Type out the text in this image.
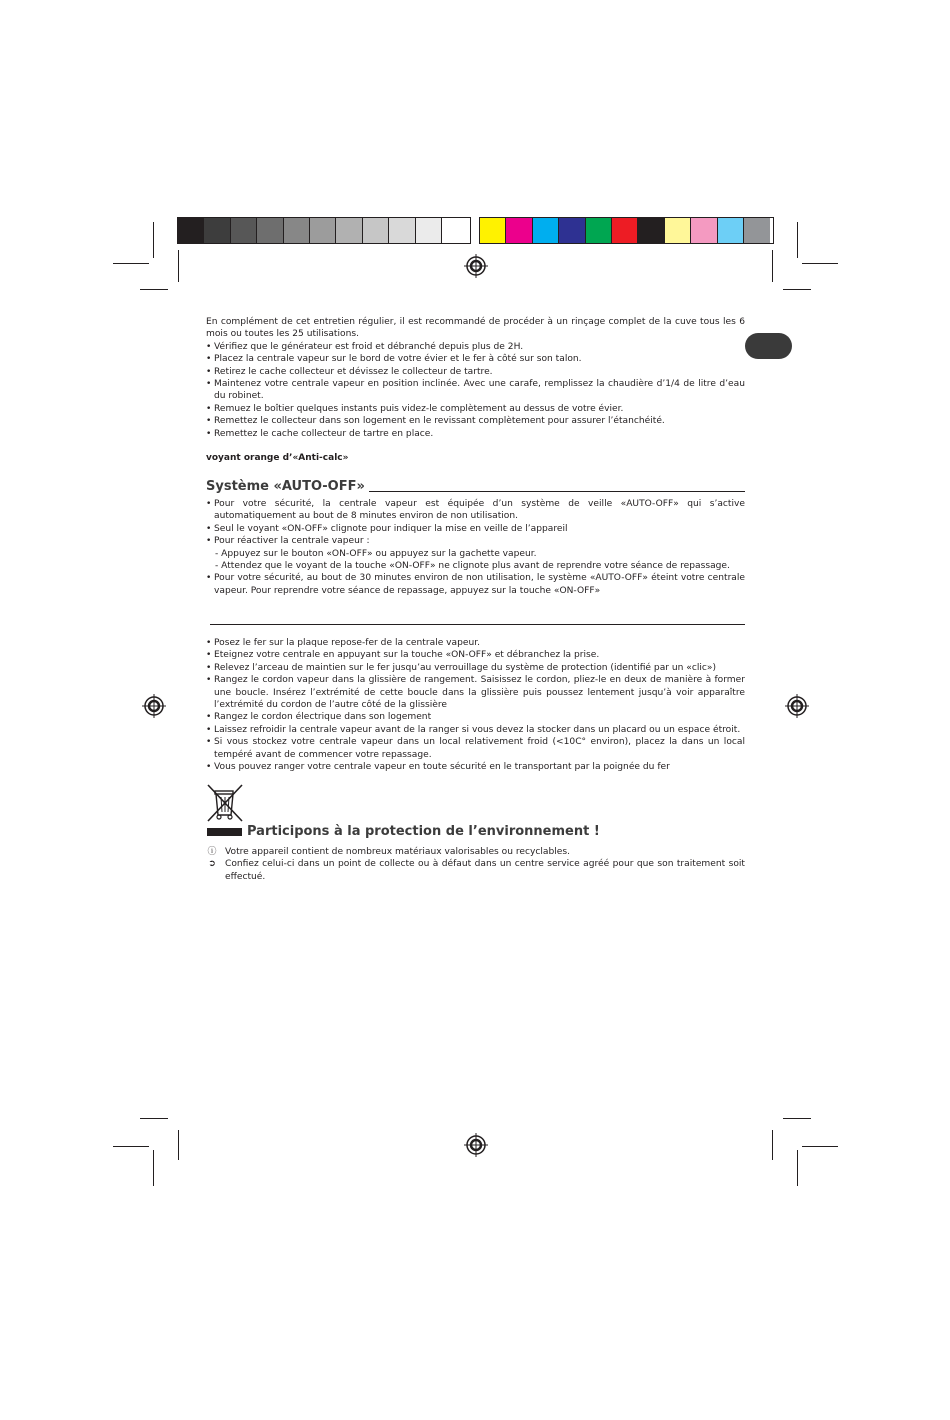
En complément de cet entretien régulier, il est recommandé de procéder à un rinçage complet de la cuve tous les 6 mois ou toutes les 25 utilisations.

• Vérifiez que le générateur est froid et débranché depuis plus de 2H.

• Placez la centrale vapeur sur le bord de votre évier et le fer à côté sur son talon.

• Retirez le cache collecteur et dévissez le collecteur de tartre.

• Maintenez votre centrale vapeur en position inclinée. Avec une carafe, remplissez la chaudière d’1/4 de litre d’eau du robinet.

• Remuez le boîtier quelques instants puis videz-le complètement au dessus de votre évier.

• Remettez le collecteur dans son logement en le revissant complètement pour assurer l’étanchéité.

• Remettez le cache collecteur de tartre en place.

voyant orange d’«Anti-calc»
Système «AUTO-OFF»

• Pour votre sécurité, la centrale vapeur est équipée d’un système de veille «AUTO-OFF» qui s’active automatiquement au bout de 8 minutes environ de non utilisation.

• Seul le voyant «ON-OFF» clignote pour indiquer la mise en veille de l’appareil

• Pour réactiver la centrale vapeur :

- Appuyez sur le bouton «ON-OFF» ou appuyez sur la gachette vapeur.

- Attendez que le voyant de la touche «ON-OFF» ne clignote plus avant de reprendre votre séance de repassage.

• Pour votre sécurité, au bout de 30 minutes environ de non utilisation, le système «AUTO-OFF» éteint votre centrale vapeur. Pour reprendre votre séance de repassage, appuyez sur la touche «ON-OFF»

• Posez le fer sur la plaque repose-fer de la centrale vapeur.

• Eteignez votre centrale en appuyant sur la touche «ON-OFF» et débranchez la prise.

• Relevez l’arceau de maintien sur le fer jusqu’au verrouillage du système de protection (identifié par un «clic»)

• Rangez le cordon vapeur dans la glissière de rangement. Saisissez le cordon, pliez-le en deux de manière à former une boucle. Insérez l’extrémité de cette boucle dans la glissière puis poussez lentement jusqu’à voir apparaître l’extrémité du cordon de l’autre côté de la glissière

• Rangez le cordon électrique dans son logement

• Laissez refroidir la centrale vapeur avant de la ranger si vous devez la stocker dans un placard ou un espace étroit.

• Si vous stockez votre centrale vapeur dans un local relativement froid (<10C° environ), placez la dans un local tempéré avant de commencer votre repassage.

• Vous pouvez ranger votre centrale vapeur en toute sécurité en le transportant par la poignée du fer

Participons à la protection de l’environnement !

ⓘ Votre appareil contient de nombreux matériaux valorisables ou recyclables.

➲ Confiez celui-ci dans un point de collecte ou à défaut dans un centre service agréé pour que son traitement soit effectué.
